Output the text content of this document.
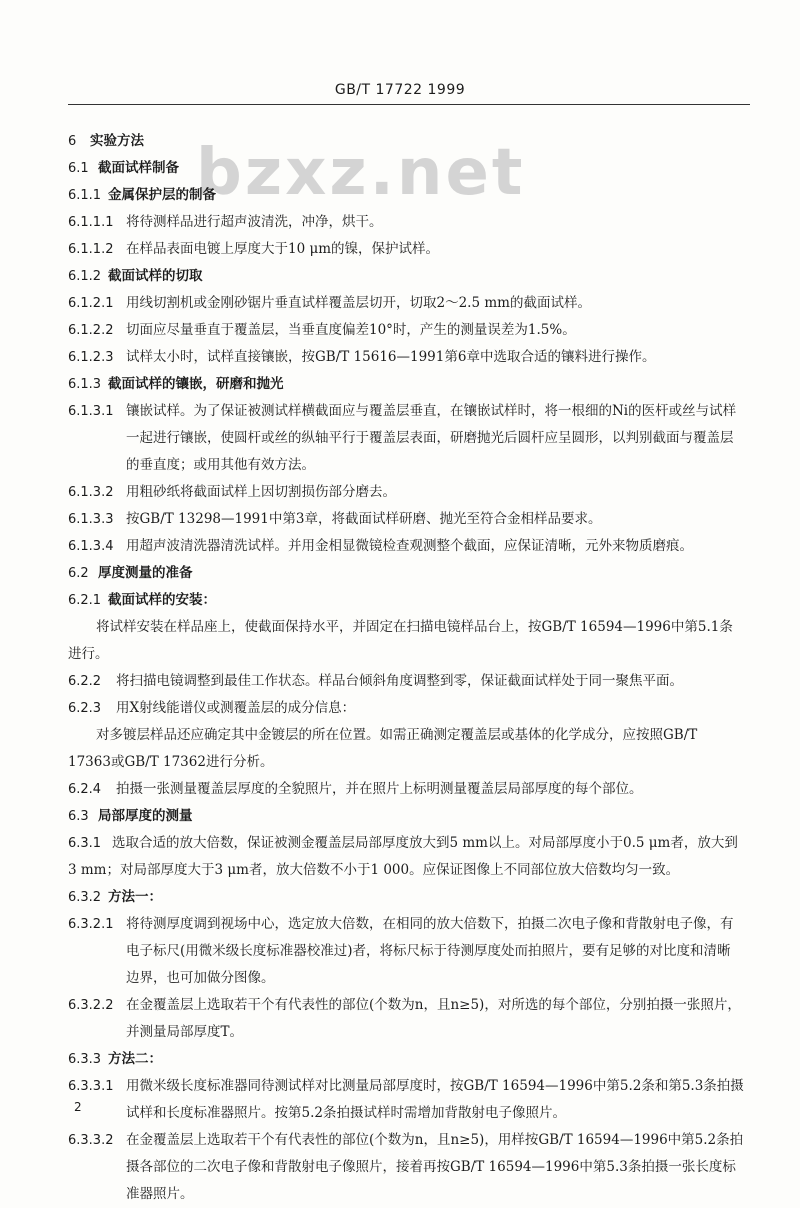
GB/T 17722 1999
bzxz.net
6	实验方法
6.1 截面试样制备
6.1.1 金属保护层的制备
6.1.1.1 将待测样品进行超声波清洗，冲净，烘干。
6.1.1.2 在样品表面电镀上厚度大于10 μm的镍，保护试样。
6.1.2 截面试样的切取
6.1.2.1 用线切割机或金刚砂锯片垂直试样覆盖层切开，切取2～2.5 mm的截面试样。
6.1.2.2 切面应尽量垂直于覆盖层，当垂直度偏差10°时，产生的测量误差为1.5%。
6.1.2.3 试样太小时，试样直接镶嵌，按GB/T 15616—1991第6章中选取合适的镶料进行操作。
6.1.3 截面试样的镶嵌，研磨和抛光
6.1.3.1 镶嵌试样。为了保证被测试样横截面应与覆盖层垂直，在镶嵌试样时，将一根细的Ni的医杆或丝与试样一起进行镶嵌，使圆杆或丝的纵轴平行于覆盖层表面，研磨抛光后圆杆应呈圆形，以判别截面与覆盖层的垂直度；或用其他有效方法。
6.1.3.2 用粗砂纸将截面试样上因切割损伤部分磨去。
6.1.3.3 按GB/T 13298—1991中第3章，将截面试样研磨、抛光至符合金相样品要求。
6.1.3.4 用超声波清洗器清洗试样。并用金相显微镜检查观测整个截面，应保证清晰，元外来物质磨痕。
6.2 厚度测量的准备
6.2.1 截面试样的安装：
将试样安装在样品座上，使截面保持水平，并固定在扫描电镜样品台上，按GB/T 16594—1996中第5.1条进行。
6.2.2	将扫描电镜调整到最佳工作状态。样品台倾斜角度调整到零，保证截面试样处于同一聚焦平面。
6.2.3	用X射线能谱仪或测覆盖层的成分信息：
对多镀层样品还应确定其中金镀层的所在位置。如需正确测定覆盖层或基体的化学成分，应按照GB/T 17363或GB/T 17362进行分析。
6.2.4	拍摄一张测量覆盖层厚度的全貌照片，并在照片上标明测量覆盖层局部厚度的每个部位。
6.3 局部厚度的测量
6.3.1 选取合适的放大倍数，保证被测金覆盖层局部厚度放大到5 mm以上。对局部厚度小于0.5 μm者，放大到3 mm；对局部厚度大于3 μm者，放大倍数不小于1 000。应保证图像上不同部位放大倍数均匀一致。
6.3.2 方法一：
6.3.2.1 将待测厚度调到视场中心，选定放大倍数，在相同的放大倍数下，拍摄二次电子像和背散射电子像，有电子标尺(用微米级长度标准器校准过)者，将标尺标于待测厚度处而拍照片，要有足够的对比度和清晰边界，也可加做分图像。
6.3.2.2 在金覆盖层上选取若干个有代表性的部位(个数为n，且n≥5)，对所选的每个部位，分别拍摄一张照片，并测量局部厚度T。
6.3.3 方法二：
6.3.3.1 用微米级长度标准器同待测试样对比测量局部厚度时，按GB/T 16594—1996中第5.2条和第5.3条拍摄试样和长度标准器照片。按第5.2条拍摄试样时需增加背散射电子像照片。
6.3.3.2 在金覆盖层上选取若干个有代表性的部位(个数为n，且n≥5)，用样按GB/T 16594—1996中第5.2条拍摄各部位的二次电子像和背散射电子像照片，接着再按GB/T 16594—1996中第5.3条拍摄一张长度标准器照片。
2
